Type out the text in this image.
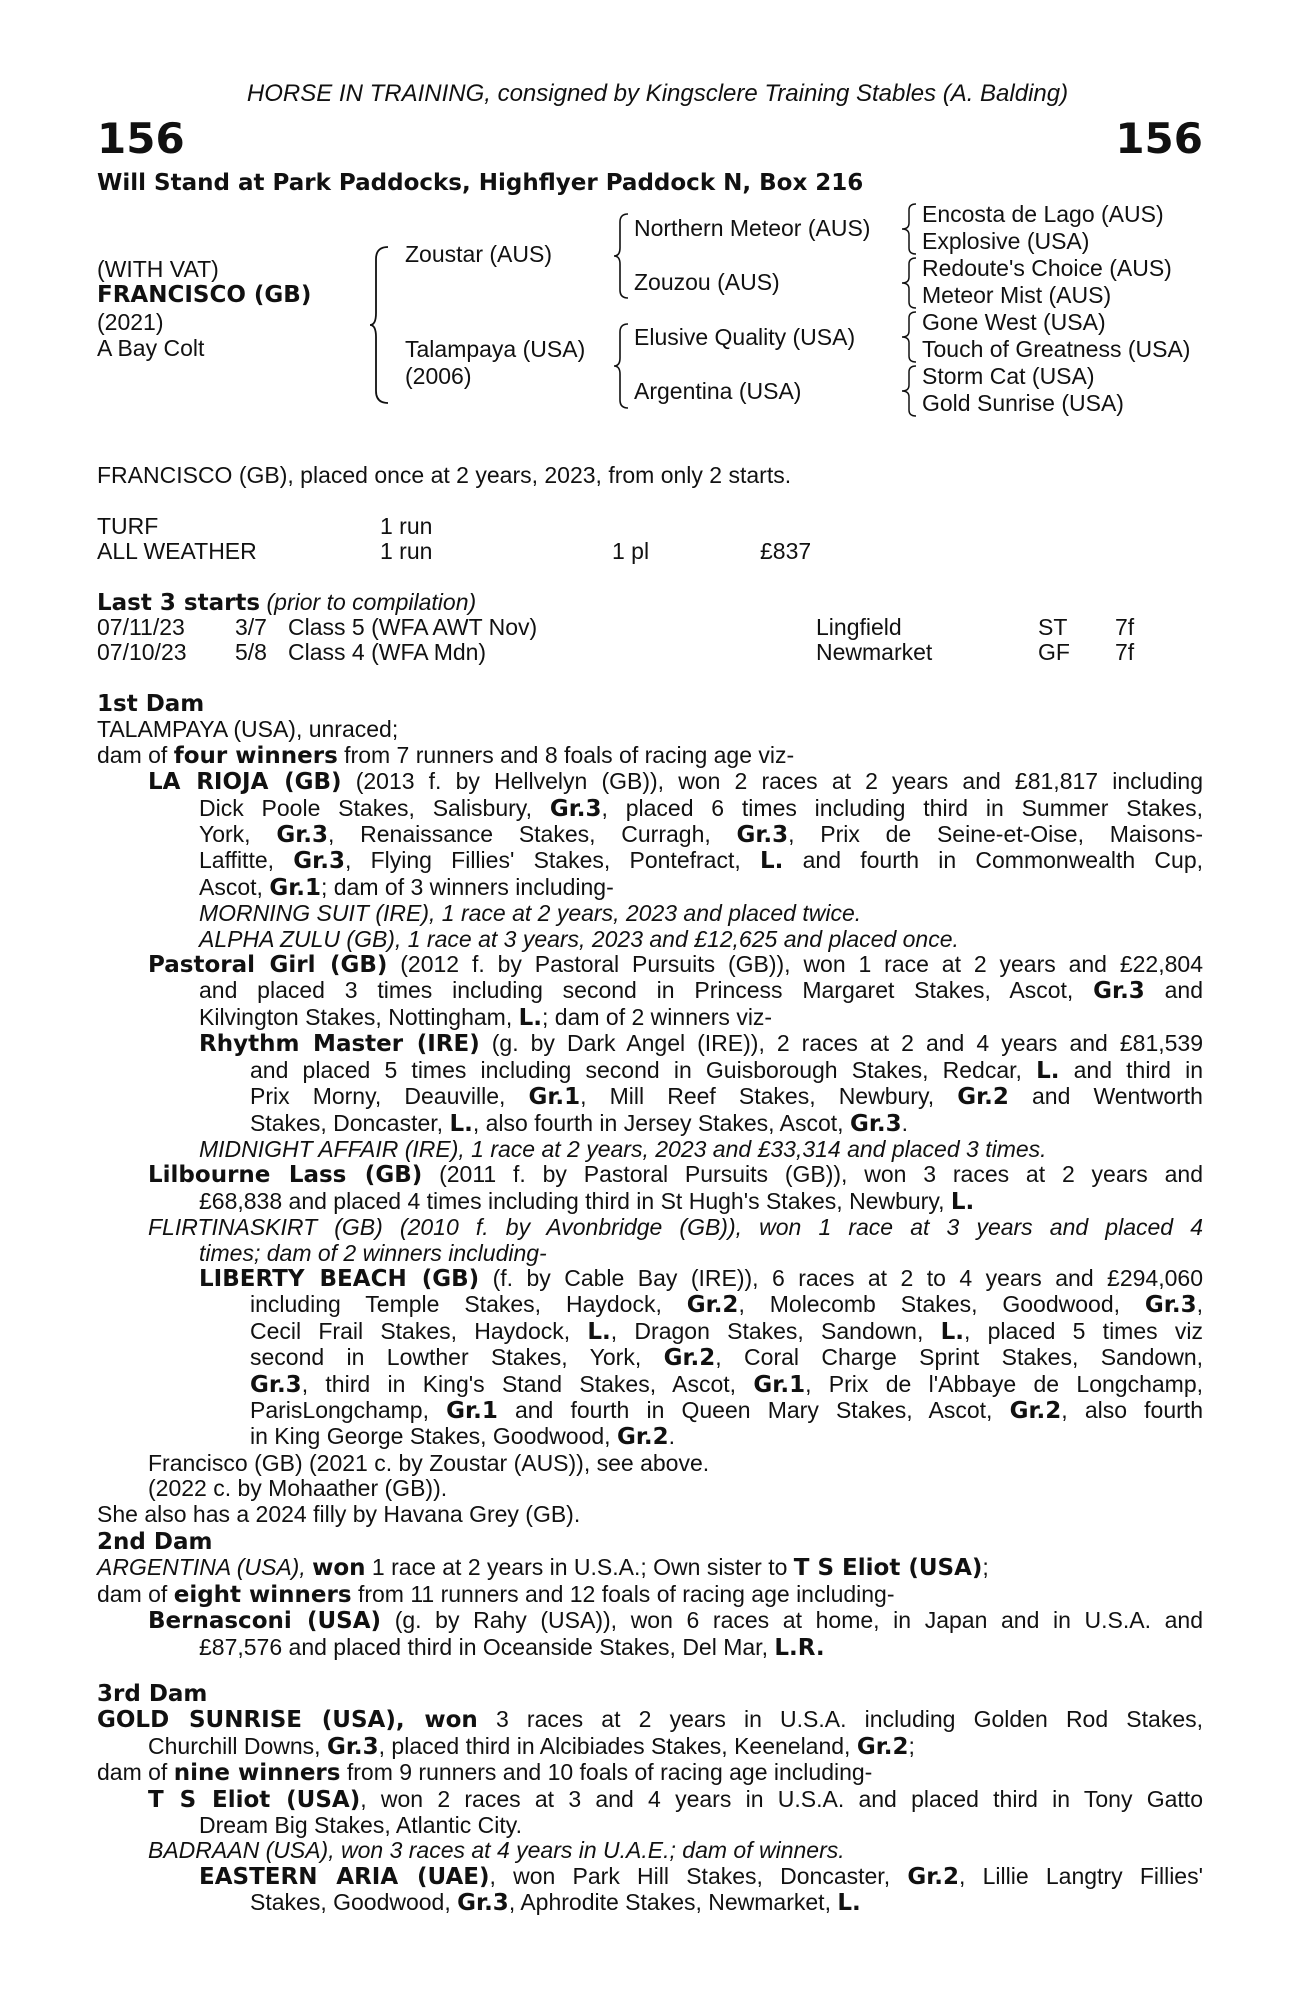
HORSE IN TRAINING, consigned by Kingsclere Training Stables (A. Balding)
156	156
Will Stand at Park Paddocks, Highflyer Paddock N, Box 216
(WITH VAT)
FRANCISCO (GB)
(2021)
A Bay Colt
Zoustar (AUS)
Talampaya (USA)
(2006)
Northern Meteor (AUS)
Zouzou (AUS)
Elusive Quality (USA)
Argentina (USA)
Encosta de Lago (AUS)
Explosive (USA)
Redoute's Choice (AUS)
Meteor Mist (AUS)
Gone West (USA)
Touch of Greatness (USA)
Storm Cat (USA)
Gold Sunrise (USA)
FRANCISCO (GB), placed once at 2 years, 2023, from only 2 starts.
TURF	1 run
ALL WEATHER	1 run	1 pl	£837
Last 3 starts (prior to compilation)
07/11/23 3/7 Class 5 (WFA AWT Nov)	Lingfield	ST 7f
07/10/23 5/8 Class 4 (WFA Mdn)	Newmarket	GF 7f
1st Dam
TALAMPAYA (USA), unraced;
dam of four winners from 7 runners and 8 foals of racing age viz-
LA RIOJA (GB) (2013 f. by Hellvelyn (GB)), won 2 races at 2 years and £81,817 including
Dick Poole Stakes, Salisbury, Gr.3, placed 6 times including third in Summer Stakes,
York, Gr.3, Renaissance Stakes, Curragh, Gr.3, Prix de Seine-et-Oise, Maisons-
Laffitte, Gr.3, Flying Fillies' Stakes, Pontefract, L. and fourth in Commonwealth Cup,
Ascot, Gr.1; dam of 3 winners including-
MORNING SUIT (IRE), 1 race at 2 years, 2023 and placed twice.
ALPHA ZULU (GB), 1 race at 3 years, 2023 and £12,625 and placed once.
Pastoral Girl (GB) (2012 f. by Pastoral Pursuits (GB)), won 1 race at 2 years and £22,804
and placed 3 times including second in Princess Margaret Stakes, Ascot, Gr.3 and
Kilvington Stakes, Nottingham, L.; dam of 2 winners viz-
Rhythm Master (IRE) (g. by Dark Angel (IRE)), 2 races at 2 and 4 years and £81,539
and placed 5 times including second in Guisborough Stakes, Redcar, L. and third in
Prix Morny, Deauville, Gr.1, Mill Reef Stakes, Newbury, Gr.2 and Wentworth
Stakes, Doncaster, L., also fourth in Jersey Stakes, Ascot, Gr.3.
MIDNIGHT AFFAIR (IRE), 1 race at 2 years, 2023 and £33,314 and placed 3 times.
Lilbourne Lass (GB) (2011 f. by Pastoral Pursuits (GB)), won 3 races at 2 years and
£68,838 and placed 4 times including third in St Hugh's Stakes, Newbury, L.
FLIRTINASKIRT (GB) (2010 f. by Avonbridge (GB)), won 1 race at 3 years and placed 4
times; dam of 2 winners including-
LIBERTY BEACH (GB) (f. by Cable Bay (IRE)), 6 races at 2 to 4 years and £294,060
including Temple Stakes, Haydock, Gr.2, Molecomb Stakes, Goodwood, Gr.3,
Cecil Frail Stakes, Haydock, L., Dragon Stakes, Sandown, L., placed 5 times viz
second in Lowther Stakes, York, Gr.2, Coral Charge Sprint Stakes, Sandown,
Gr.3, third in King's Stand Stakes, Ascot, Gr.1, Prix de l'Abbaye de Longchamp,
ParisLongchamp, Gr.1 and fourth in Queen Mary Stakes, Ascot, Gr.2, also fourth
in King George Stakes, Goodwood, Gr.2.
Francisco (GB) (2021 c. by Zoustar (AUS)), see above.
(2022 c. by Mohaather (GB)).
She also has a 2024 filly by Havana Grey (GB).
2nd Dam
ARGENTINA (USA), won 1 race at 2 years in U.S.A.; Own sister to T S Eliot (USA);
dam of eight winners from 11 runners and 12 foals of racing age including-
Bernasconi (USA) (g. by Rahy (USA)), won 6 races at home, in Japan and in U.S.A. and
£87,576 and placed third in Oceanside Stakes, Del Mar, L.R.
3rd Dam
GOLD SUNRISE (USA), won 3 races at 2 years in U.S.A. including Golden Rod Stakes,
Churchill Downs, Gr.3, placed third in Alcibiades Stakes, Keeneland, Gr.2;
dam of nine winners from 9 runners and 10 foals of racing age including-
T S Eliot (USA), won 2 races at 3 and 4 years in U.S.A. and placed third in Tony Gatto
Dream Big Stakes, Atlantic City.
BADRAAN (USA), won 3 races at 4 years in U.A.E.; dam of winners.
EASTERN ARIA (UAE), won Park Hill Stakes, Doncaster, Gr.2, Lillie Langtry Fillies'
Stakes, Goodwood, Gr.3, Aphrodite Stakes, Newmarket, L.
